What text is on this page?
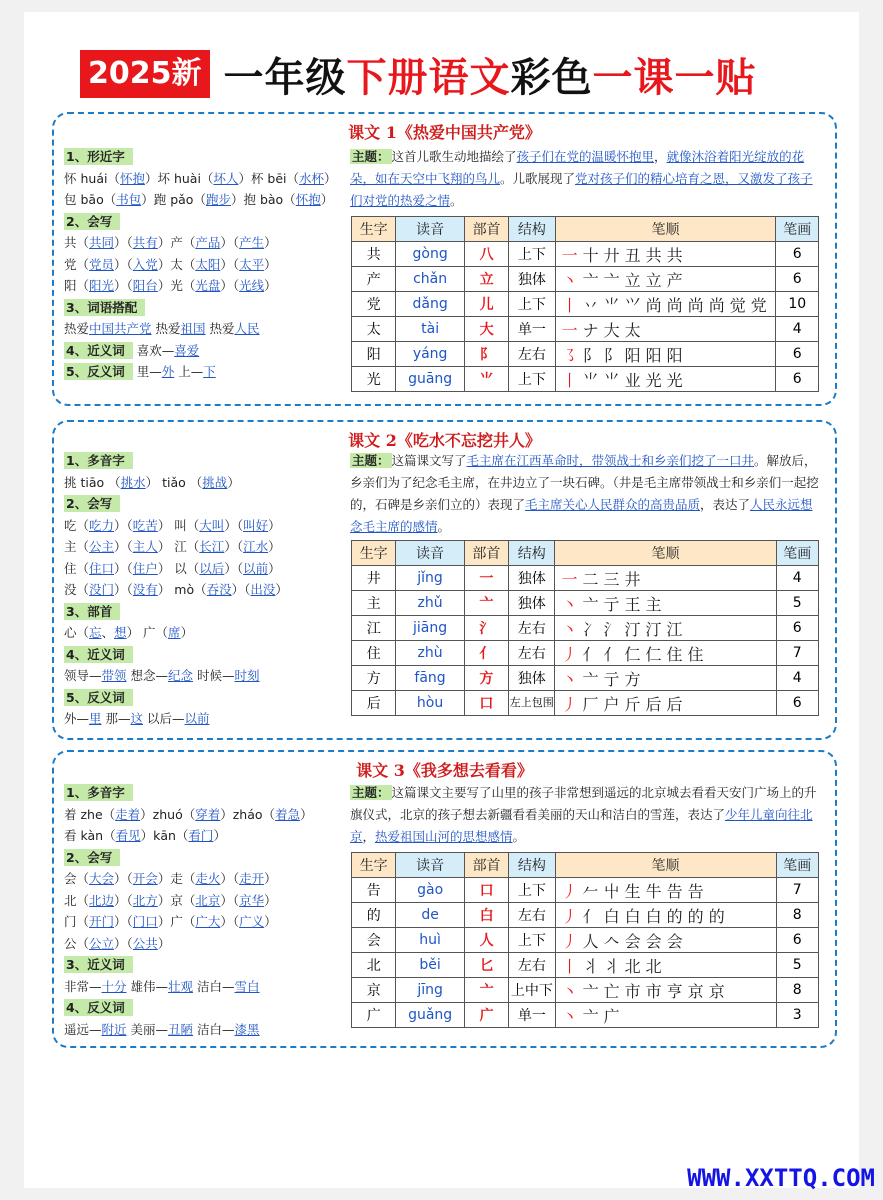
2025新 一年级下册语文彩色一课一贴
课文 1《热爱中国共产党》
1、形近字
怀 huái（怀抱）坏 huài（坏人）杯 bēi（水杯）
包 bāo（书包）跑 pǎo（跑步）抱 bào（怀抱）
2、会写
共（共同）（共有）产（产品）（产生）
党（党员）（入党）太（太阳）（太平）
阳（阳光）（阳台）光（光盘）（光线）
3、词语搭配
热爱中国共产党 热爱祖国 热爱人民
4、近义词 喜欢—喜爱
5、反义词 里—外 上—下
主题： 这首儿歌生动地描绘了孩子们在党的温暖怀抱里，就像沐浴着阳光绽放的花朵，如在天空中飞翔的鸟儿。儿歌展现了党对孩子们的精心培育之恩，又激发了孩子们对党的热爱之情。
生字	读音	部首	结构	笔顺	笔画
共	gòng	八	上下	一十廾丑共共	6
产	chǎn	立	独体	丶亠亠立立产	6
党	dǎng	儿	上下	丨丷⺌⺍尚尚尚尚觉党	10
太	tài	大	单一	一ナ大太	4
阳	yáng	阝	左右	㇌阝阝阳阳阳	6
光	guāng	⺌	上下	丨⺌⺌业光光	6
课文 2《吃水不忘挖井人》
1、多音字
挑 tiāo （挑水） tiǎo （挑战）
2、会写
吃（吃力）（吃苦） 叫（大叫）（叫好）
主（公主）（主人） 江（长江）（江水）
住（住口）（住户） 以（以后）（以前）
没（没门）（没有） mò（吞没）（出没）
3、部首
心（忘、想） 广（席）
4、近义词
领导—带领 想念—纪念 时候—时刻
5、反义词
外—里 那—这 以后—以前
主题： 这篇课文写了毛主席在江西革命时，带领战士和乡亲们挖了一口井。解放后，乡亲们为了纪念毛主席，在井边立了一块石碑。（井是毛主席带领战士和乡亲们一起挖的，石碑是乡亲们立的）表现了毛主席关心人民群众的高贵品质，表达了人民永远想念毛主席的感情。
生字	读音	部首	结构	笔顺	笔画
井	jǐng	一	独体	一二三井	4
主	zhǔ	亠	独体	丶亠亍王主	5
江	jiāng	氵	左右	丶冫氵汀汀江	6
住	zhù	亻	左右	丿亻亻仁仁住住	7
方	fāng	方	独体	丶亠亍方	4
后	hòu	口	左上包围	丿厂户斤后后	6
课文 3《我多想去看看》
1、多音字
着 zhe（走着）zhuó（穿着）zháo（着急）
看 kàn（看见）kān（看门）
2、会写
会（大会）（开会）走（走火）（走开）
北（北边）（北方）京（北京）（京华）
门（开门）（门口）广（广大）（广义）
公（公立）（公共）
3、近义词
非常—十分 雄伟—壮观 洁白—雪白
4、反义词
遥远—附近 美丽—丑陋 洁白—漆黑
主题： 这篇课文主要写了山里的孩子非常想到遥远的北京城去看看天安门广场上的升旗仪式，北京的孩子想去新疆看看美丽的天山和洁白的雪莲，表达了少年儿童向往北京，热爱祖国山河的思想感情。
生字	读音	部首	结构	笔顺	笔画
告	gào	口	上下	丿𠂉屮生牛告告	7
的	de	白	左右	丿亻白白白的的的	8
会	huì	人	上下	丿人𠆢会会会	6
北	běi	匕	左右	丨丬丬北北	5
京	jīng	亠	上中下	丶亠亡市市亨京京	8
广	guǎng	广	单一	丶亠广	3
WWW.XXTTQ.COM
